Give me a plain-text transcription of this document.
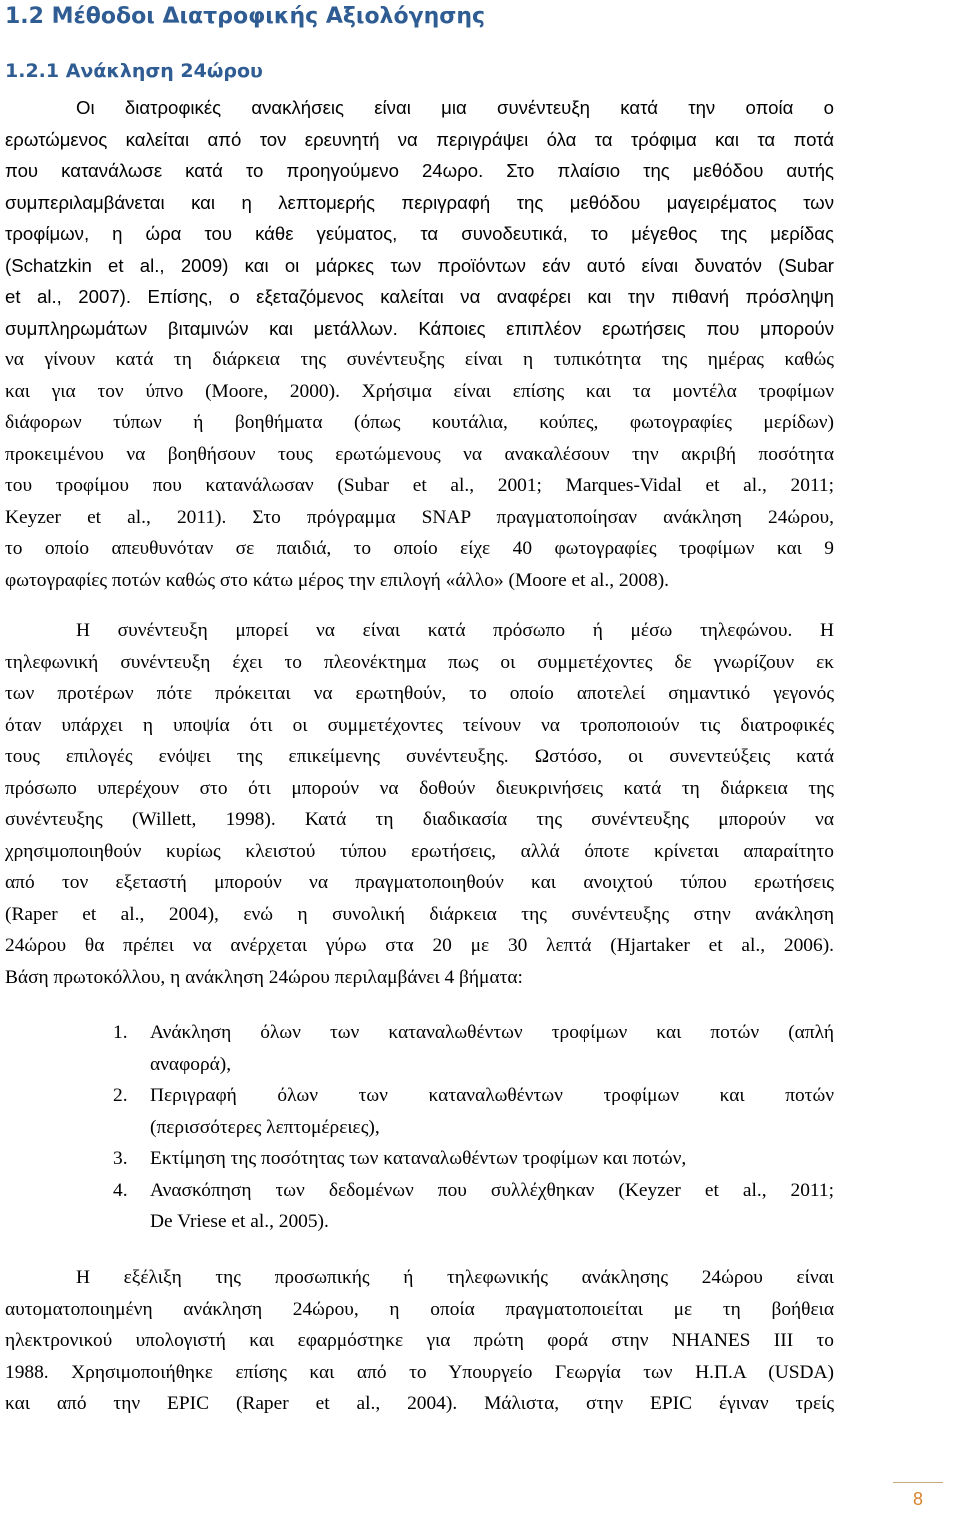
1.2 Μέθοδοι Διατροφικής Αξιολόγησης
1.2.1 Ανάκληση 24ώρου
Οι διατροφικές ανακλήσεις είναι μια συνέντευξη κατά την οποία ο
ερωτώμενος καλείται από τον ερευνητή να περιγράψει όλα τα τρόφιμα και τα ποτά
που κατανάλωσε κατά το προηγούμενο 24ωρο. Στο πλαίσιο της μεθόδου αυτής
συμπεριλαμβάνεται και η λεπτομερής περιγραφή της μεθόδου μαγειρέματος των
τροφίμων, η ώρα του κάθε γεύματος, τα συνοδευτικά, το μέγεθος της μερίδας
(Schatzkin et al., 2009) και οι μάρκες των προϊόντων εάν αυτό είναι δυνατόν (Subar
et al., 2007). Επίσης, ο εξεταζόμενος καλείται να αναφέρει και την πιθανή πρόσληψη
συμπληρωμάτων βιταμινών και μετάλλων. Κάποιες επιπλέον ερωτήσεις που μπορούν
να γίνουν κατά τη διάρκεια της συνέντευξης είναι η τυπικότητα της ημέρας καθώς
και για τον ύπνο (Moore, 2000). Χρήσιμα είναι επίσης και τα μοντέλα τροφίμων
διάφορων τύπων ή βοηθήματα (όπως κουτάλια, κούπες, φωτογραφίες μερίδων)
προκειμένου να βοηθήσουν τους ερωτώμενους να ανακαλέσουν την ακριβή ποσότητα
του τροφίμου που κατανάλωσαν (Subar et al., 2001; Marques-Vidal et al., 2011;
Keyzer et al., 2011). Στο πρόγραμμα SNAP πραγματοποίησαν ανάκληση 24ώρου,
το οποίο απευθυνόταν σε παιδιά, το οποίο είχε 40 φωτογραφίες τροφίμων και 9
φωτογραφίες ποτών καθώς στο κάτω μέρος την επιλογή «άλλο» (Moore et al., 2008).
Η συνέντευξη μπορεί να είναι κατά πρόσωπο ή μέσω τηλεφώνου. Η
τηλεφωνική συνέντευξη έχει το πλεονέκτημα πως οι συμμετέχοντες δε γνωρίζουν εκ
των προτέρων πότε πρόκειται να ερωτηθούν, το οποίο αποτελεί σημαντικό γεγονός
όταν υπάρχει η υποψία ότι οι συμμετέχοντες τείνουν να τροποποιούν τις διατροφικές
τους επιλογές ενόψει της επικείμενης συνέντευξης. Ωστόσο, οι συνεντεύξεις κατά
πρόσωπο υπερέχουν στο ότι μπορούν να δοθούν διευκρινήσεις κατά τη διάρκεια της
συνέντευξης (Willett, 1998). Κατά τη διαδικασία της συνέντευξης μπορούν να
χρησιμοποιηθούν κυρίως κλειστού τύπου ερωτήσεις, αλλά όποτε κρίνεται απαραίτητο
από τον εξεταστή μπορούν να πραγματοποιηθούν και ανοιχτού τύπου ερωτήσεις
(Raper et al., 2004), ενώ η συνολική διάρκεια της συνέντευξης στην ανάκληση
24ώρου θα πρέπει να ανέρχεται γύρω στα 20 με 30 λεπτά (Hjartaker et al., 2006).
Βάση πρωτοκόλλου, η ανάκληση 24ώρου περιλαμβάνει 4 βήματα:
1. Ανάκληση όλων των καταναλωθέντων τροφίμων και ποτών (απλή
αναφορά),
2. Περιγραφή όλων των καταναλωθέντων τροφίμων και ποτών
(περισσότερες λεπτομέρειες),
3. Εκτίμηση της ποσότητας των καταναλωθέντων τροφίμων και ποτών,
4. Ανασκόπηση των δεδομένων που συλλέχθηκαν (Keyzer et al., 2011;
De Vriese et al., 2005).
Η εξέλιξη της προσωπικής ή τηλεφωνικής ανάκλησης 24ώρου είναι
αυτοματοποιημένη ανάκληση 24ώρου, η οποία πραγματοποιείται με τη βοήθεια
ηλεκτρονικού υπολογιστή και εφαρμόστηκε για πρώτη φορά στην NHANES III το
1988. Χρησιμοποιήθηκε επίσης και από το Υπουργείο Γεωργία των Η.Π.Α (USDA)
και από την EPIC (Raper et al., 2004). Μάλιστα, στην EPIC έγιναν τρείς
8
